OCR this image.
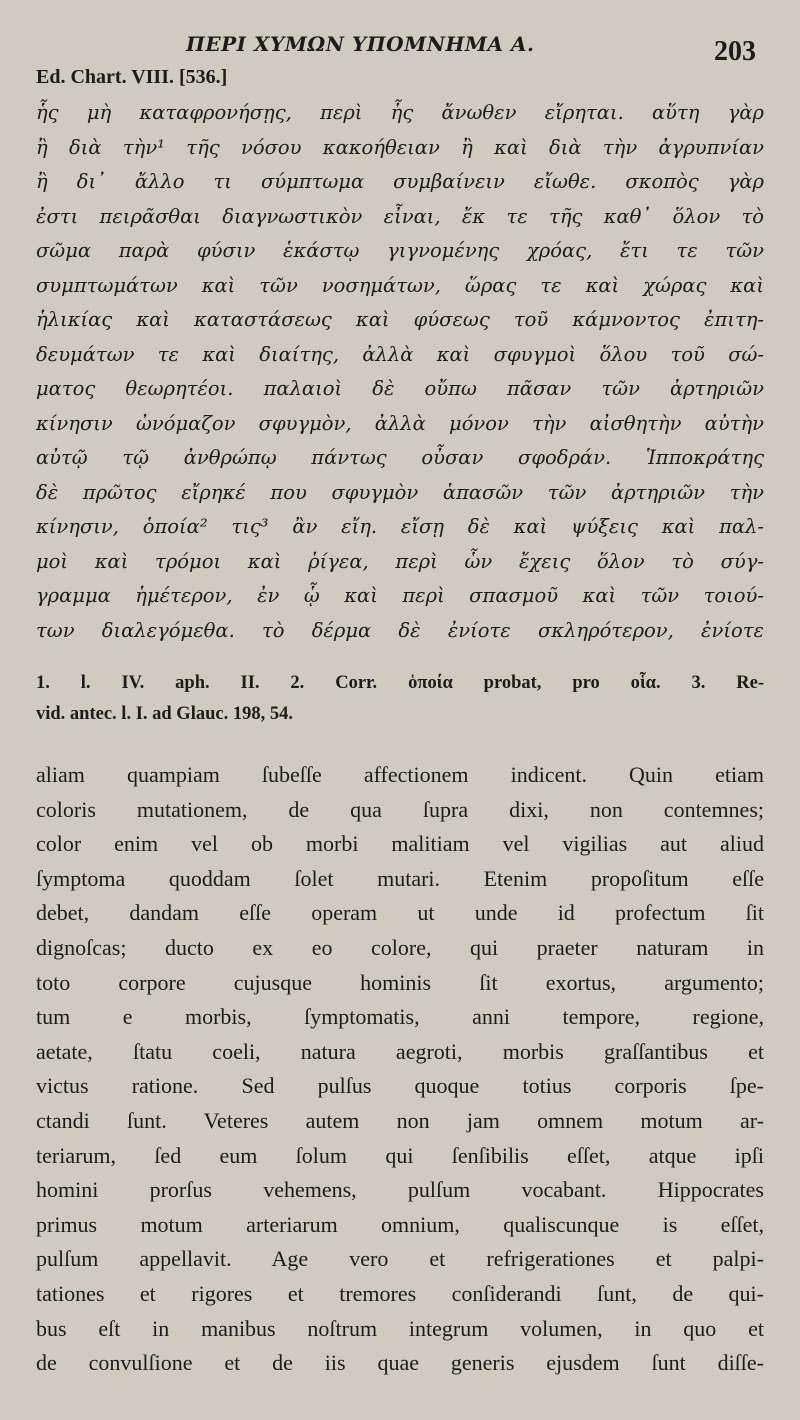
ΠΕΡΙ ΧΥΜΩΝ ΥΠΟΜΝΗΜΑ Α.	203
Ed. Chart. VIII. [536.]
ἧς μὴ καταφρονήσῃς, περὶ ἧς ἄνωθεν εἴρηται. αὕτη γὰρ
ἢ διὰ τὴν¹ τῆς νόσου κακοήθειαν ἢ καὶ διὰ τὴν ἀγρυπνίαν
ἢ δι᾽ ἄλλο τι σύμπτωμα συμβαίνειν εἴωθε. σκοπὸς γὰρ
ἐστι πειρᾶσθαι διαγνωστικὸν εἶναι, ἔκ τε τῆς καθ᾽ ὅλον τὸ
σῶμα παρὰ φύσιν ἑκάστῳ γιγνομένης χρόας, ἔτι τε τῶν
συμπτωμάτων καὶ τῶν νοσημάτων, ὥρας τε καὶ χώρας καὶ
ἡλικίας καὶ καταστάσεως καὶ φύσεως τοῦ κάμνοντος ἐπιτη-
δευμάτων τε καὶ διαίτης, ἀλλὰ καὶ σφυγμοὶ ὅλου τοῦ σώ-
ματος θεωρητέοι. παλαιοὶ δὲ οὔπω πᾶσαν τῶν ἀρτηριῶν
κίνησιν ὠνόμαζον σφυγμὸν, ἀλλὰ μόνον τὴν αἰσθητὴν αὐτὴν
αὐτῷ τῷ ἀνθρώπῳ πάντως οὖσαν σφοδράν. Ἱπποκράτης
δὲ πρῶτος εἴρηκέ που σφυγμὸν ἁπασῶν τῶν ἀρτηριῶν τὴν
κίνησιν, ὁποία² τις³ ἂν εἴη. εἴσῃ δὲ καὶ ψύξεις καὶ παλ-
μοὶ καὶ τρόμοι καὶ ῥίγεα, περὶ ὧν ἔχεις ὅλον τὸ σύγ-
γραμμα ἡμέτερον, ἐν ᾧ καὶ περὶ σπασμοῦ καὶ τῶν τοιού-
των διαλεγόμεθα. τὸ δέρμα δὲ ἐνίοτε σκληρότερον, ἐνίοτε
1. l. IV. aph. II. 2. Corr. ὁποία probat, pro οἷα. 3. Re-
vid. antec. l. I. ad Glauc. 198, 54.
aliam quampiam ſubeſſe affectionem indicent. Quin etiam
coloris mutationem, de qua ſupra dixi, non contemnes;
color enim vel ob morbi malitiam vel vigilias aut aliud
ſymptoma quoddam ſolet mutari. Etenim propoſitum eſſe
debet, dandam eſſe operam ut unde id profectum ſit
dignoſcas; ducto ex eo colore, qui praeter naturam in
toto corpore cujusque hominis ſit exortus, argumento;
tum e morbis, ſymptomatis, anni tempore, regione,
aetate, ſtatu coeli, natura aegroti, morbis graſſantibus et
victus ratione. Sed pulſus quoque totius corporis ſpe-
ctandi ſunt. Veteres autem non jam omnem motum ar-
teriarum, ſed eum ſolum qui ſenſibilis eſſet, atque ipſi
homini prorſus vehemens, pulſum vocabant. Hippocrates
primus motum arteriarum omnium, qualiscunque is eſſet,
pulſum appellavit. Age vero et refrigerationes et palpi-
tationes et rigores et tremores conſiderandi ſunt, de qui-
bus eſt in manibus noſtrum integrum volumen, in quo et
de convulſione et de iis quae generis ejusdem ſunt diſſe-
